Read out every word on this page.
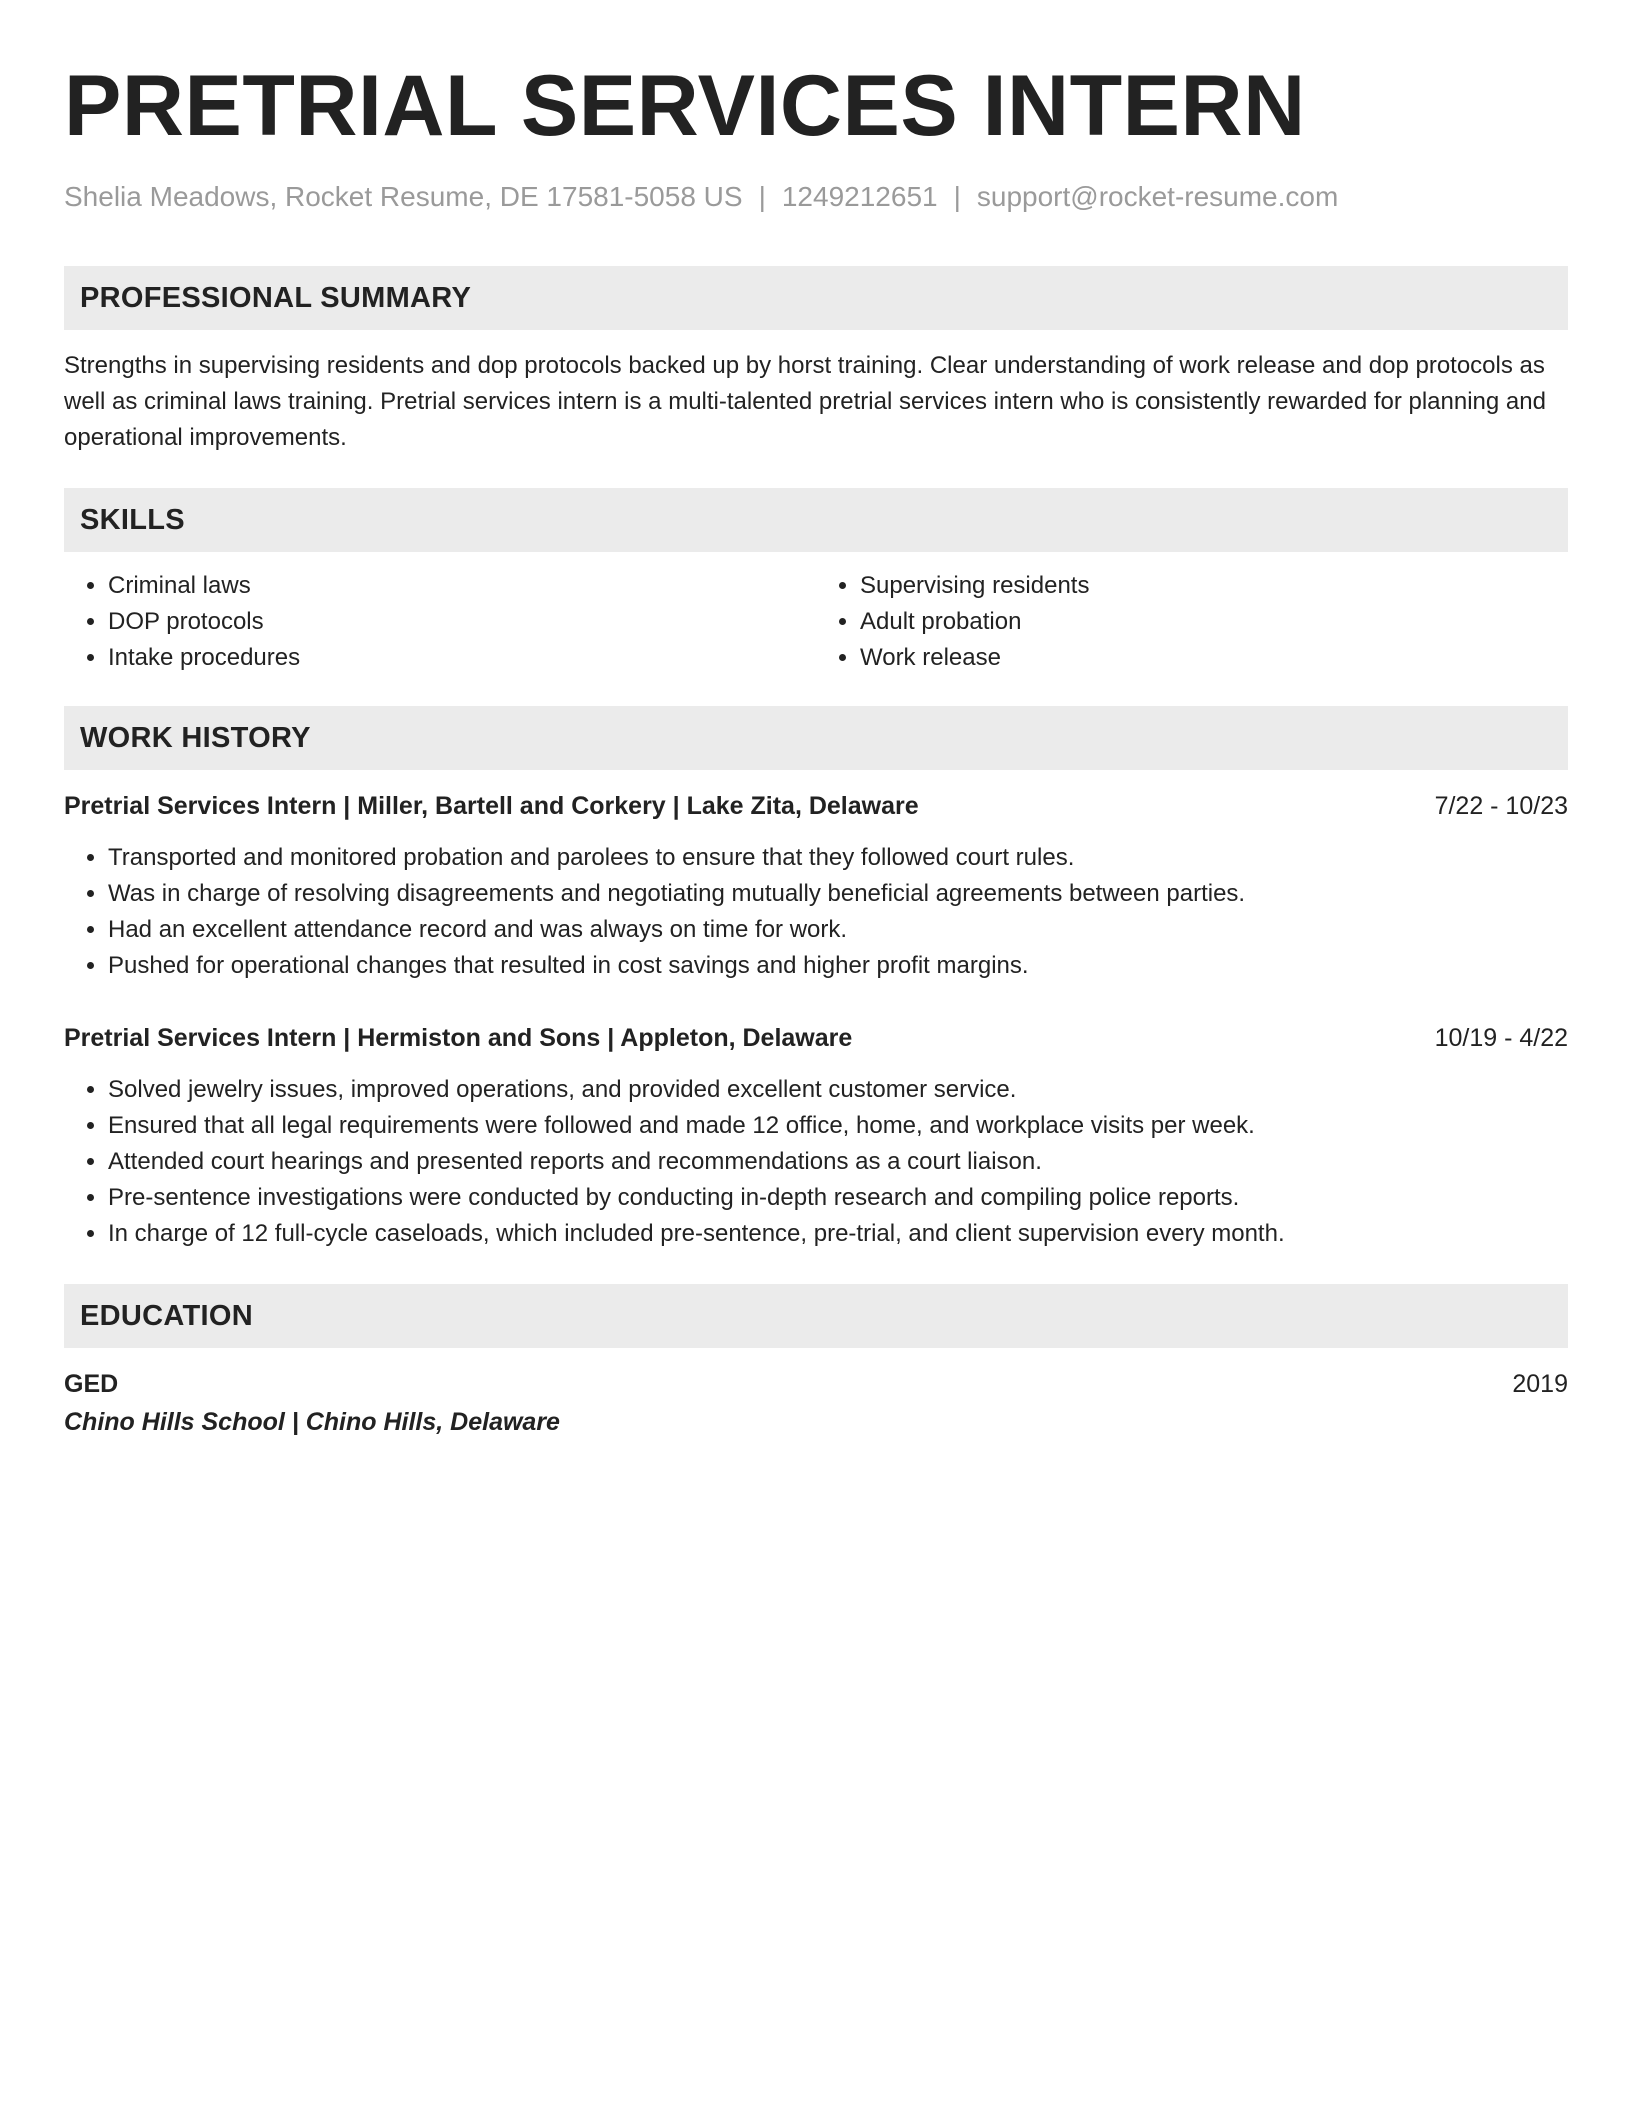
PRETRIAL SERVICES INTERN
Shelia Meadows, Rocket Resume, DE 17581-5058 US | 1249212651 | support@rocket-resume.com
PROFESSIONAL SUMMARY

Strengths in supervising residents and dop protocols backed up by horst training. Clear understanding of work release and dop protocols as well as criminal laws training. Pretrial services intern is a multi-talented pretrial services intern who is consistently rewarded for planning and operational improvements.

SKILLS
• Criminal laws
• DOP protocols
• Intake procedures
• Supervising residents
• Adult probation
• Work release
WORK HISTORY
Pretrial Services Intern | Miller, Bartell and Corkery | Lake Zita, Delaware	7/22 - 10/23
• Transported and monitored probation and parolees to ensure that they followed court rules.
• Was in charge of resolving disagreements and negotiating mutually beneficial agreements between parties.
• Had an excellent attendance record and was always on time for work.
• Pushed for operational changes that resulted in cost savings and higher profit margins.
Pretrial Services Intern | Hermiston and Sons | Appleton, Delaware	10/19 - 4/22
• Solved jewelry issues, improved operations, and provided excellent customer service.
• Ensured that all legal requirements were followed and made 12 office, home, and workplace visits per week.
• Attended court hearings and presented reports and recommendations as a court liaison.
• Pre-sentence investigations were conducted by conducting in-depth research and compiling police reports.
• In charge of 12 full-cycle caseloads, which included pre-sentence, pre-trial, and client supervision every month.
EDUCATION
GED	2019
Chino Hills School | Chino Hills, Delaware
